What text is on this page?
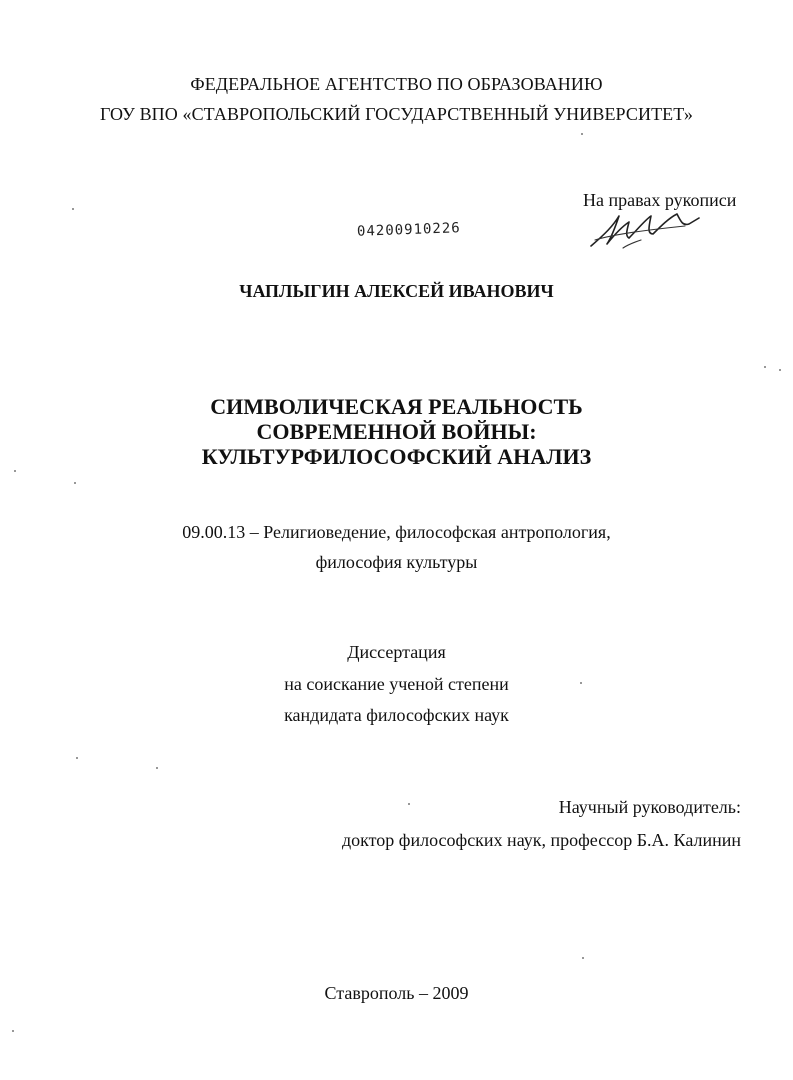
ФЕДЕРАЛЬНОЕ АГЕНТСТВО ПО ОБРАЗОВАНИЮ
ГОУ ВПО «СТАВРОПОЛЬСКИЙ ГОСУДАРСТВЕННЫЙ УНИВЕРСИТЕТ»
На правах рукописи
04200910226
ЧАПЛЫГИН АЛЕКСЕЙ ИВАНОВИЧ
СИМВОЛИЧЕСКАЯ РЕАЛЬНОСТЬ
СОВРЕМЕННОЙ ВОЙНЫ:
КУЛЬТУРФИЛОСОФСКИЙ АНАЛИЗ
09.00.13 – Религиоведение, философская антропология,
философия культуры
Диссертация
на соискание ученой степени
кандидата философских наук
Научный руководитель:
доктор философских наук, профессор Б.А. Калинин
Ставрополь – 2009
